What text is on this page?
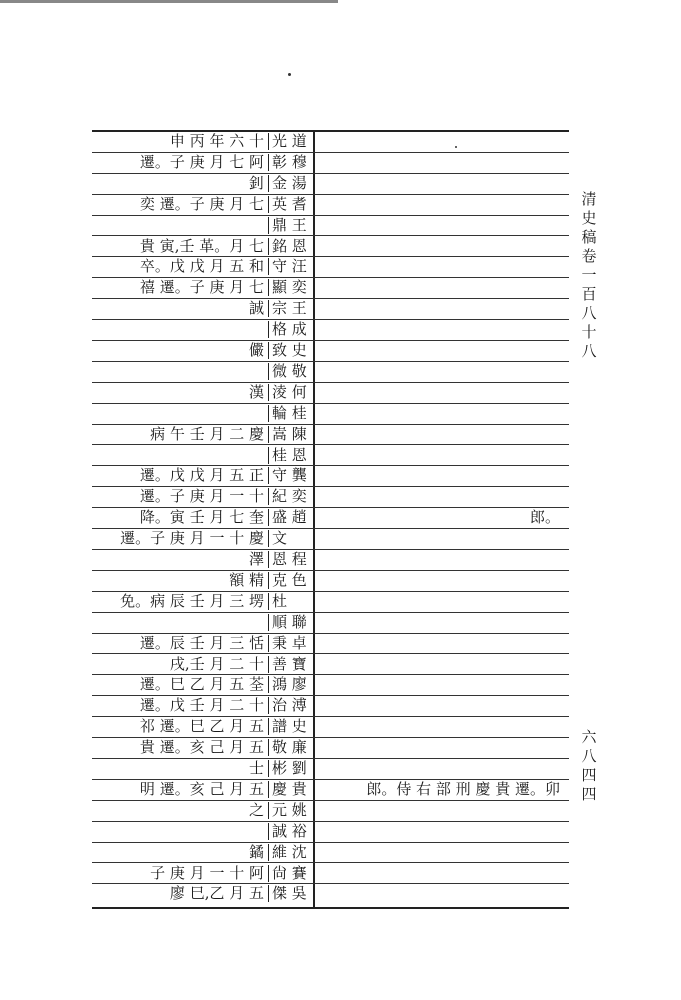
申 丙 年 六 十 光 道
遷。子 庚 月 七 阿 彰 穆
釗 金 湯
奕 遷。子 庚 月 七 英 耆
鼎 王
貴 寅,壬 革。月 七 銘 恩
卒。戊 戊 月 五 和 守 汪
禧 遷。子 庚 月 七 顯 奕
誠 宗 王
格 成
儼 致 史
微 敬
漢 淩 何
輪 桂
病 午 壬 月 二 慶 嵩 陳
桂 恩
遷。戊 戊 月 五 正 守 龔
遷。子 庚 月 一 十 紀 奕
降。寅 壬 月 七 奎 盛 趙	郎。
遷。子 庚 月 一 十 慶 文
澤 恩 程
額 精 克 色
免。病 辰 壬 月 三 塄 杜
順 聯
遷。辰 壬 月 三 恬 秉 卓
戌,壬 月 二 十 善 寶
遷。巳 乙 月 五 荃 鴻 廖
遷。戊 壬 月 二 十 治 溥
祁 遷。巳 乙 月 五 譜 史
貴 遷。亥 己 月 五 敬 廉
士 彬 劉
明 遷。亥 己 月 五 慶 貴	郎。侍 右 部 刑 慶 貴 遷。卯
之 元 姚
誠 裕
鐍 維 沈
子 庚 月 一 十 阿 尙 賽
廖 巳,乙 月 五 傑 吳
清
史
稿
卷
一
百
八
十
八
六
八
四
四
